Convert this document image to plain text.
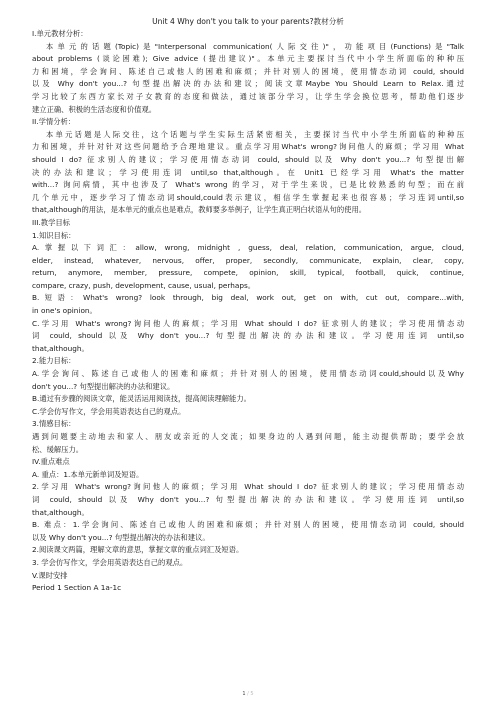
Unit 4 Why don't you talk to your parents?教材分析
I.单元教材分析：
本单元的话题(Topic)是"Interpersonal communication(人际交往)"，功能项目(Functions)是"Talk
about problems (谈论困难); Give advice (提出建议)"。本单元主要探讨当代中小学生所面临的种种压
力和困境，学会询问、陈述自己或他人的困难和麻烦；并针对别人的困境，使用情态动词 could, should
以及 Why don't you...? 句型提出解决的办法和建议；阅读文章Maybe You Should Learn to Relax.通过
学习比较了东西方家长对子女教育的态度和做法，通过该部分学习，让学生学会换位思考，帮助他们逐步
建立正确、积极的生活态度和价值观。
II.学情分析：
本单元话题是人际交往，这个话题与学生实际生活紧密相关，主要探讨当代中小学生所面临的种种压
力和困境，并针对针对这些问题给予合理地建议。重点学习用What's wrong?询问他人的麻烦；学习用 What
should I do? 征求别人的建议；学习使用情态动词 could, should 以及 Why don't you...? 句型提出解
决的办法和建议；学习使用连词 until,so that,although。在 Unit1 已经学习用 What's the matter
with...? 询问病情，其中也涉及了 What's wrong 的学习，对于学生来说，已是比较熟悉的句型；而在前
几个单元中，逐步学习了情态动词should,could表示建议，相信学生掌握起来也很容易；学习连词until,so
that,although的用法，是本单元的重点也是难点，教师要多举例子，让学生真正明白状语从句的使用。
III.教学目标
1.知识目标：
A.掌握以下词汇：allow, wrong, midnight , guess, deal, relation, communication, argue, cloud,
elder, instead, whatever, nervous, offer, proper, secondly, communicate, explain, clear, copy,
return, anymore, member, pressure, compete, opinion, skill, typical, football, quick, continue,
compare, crazy, push, development, cause, usual, perhaps。
B.短语：What's wrong? look through, big deal, work out, get on with, cut out, compare...with,
in one's opinion。
C.学习用 What's wrong?询问他人的麻烦；学习用 What should I do? 征求别人的建议；学习使用情态动
词 could, should 以及 Why don't you...? 句型提出解决的办法和建议。学习使用连词 until,so
that,although。
2.能力目标：
A.学会询问、陈述自己或他人的困难和麻烦；并针对别人的困境，使用情态动词could,should以及Why
don't you...? 句型提出解决的办法和建议。
B.通过有步骤的阅读文章，能灵活运用阅读技，提高阅读理解能力。
C.学会仿写作文，学会用英语表达自己的观点。
3.情感目标：
遇到问题要主动地去和家人、朋友或亲近的人交流；如果身边的人遇到问题，能主动提供帮助；要学会放
松、缓解压力。
IV.重点难点
A. 重点：1.本单元新单词及短语。
2.学习用 What's wrong?询问他人的麻烦；学习用 What should I do? 征求别人的建议；学习使用情态动
词 could, should 以及 Why don't you...? 句型提出解决的办法和建议。学习使用连词 until,so
that,although。
B. 难点：1.学会询问、陈述自己或他人的困难和麻烦；并针对别人的困境，使用情态动词 could, should
以及 Why don't you...? 句型提出解决的办法和建议。
2.阅读课文两篇，理解文章的意思，掌握文章的重点词汇及短语。
3. 学会仿写作文，学会用英语表达自己的观点。
V.课时安排
Period 1 Section A 1a-1c
1 / 5
